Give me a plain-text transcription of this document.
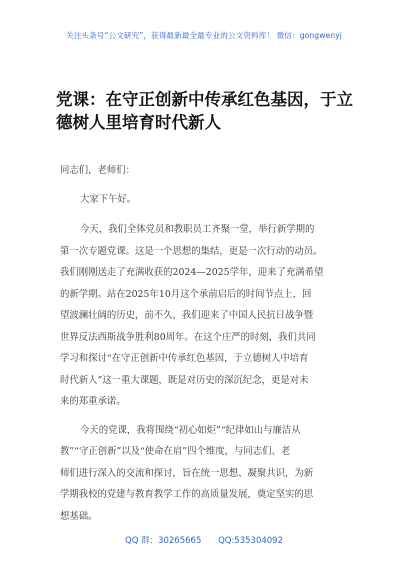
关注头条号“公文研究”，获得最新最全最专业的公文资料库！ 微信：gongwenyj
党课：在守正创新中传承红色基因，于立
德树人里培育时代新人

同志们，老师们：

大家下午好。

今天，我们全体党员和教职员工齐聚一堂，举行新学期的
第一次专题党课。这是一个思想的集结，更是一次行动的动员。
我们刚刚送走了充满收获的2024—2025学年，迎来了充满希望
的新学期。站在2025年10月这个承前启后的时间节点上，回
望波澜壮阔的历史，前不久，我们迎来了中国人民抗日战争暨
世界反法西斯战争胜利80周年。在这个庄严的时刻，我们共同
学习和探讨“在守正创新中传承红色基因，于立德树人中培育
时代新人”这一重大课题，既是对历史的深沉纪念，更是对未
来的郑重承诺。

今天的党课，我将围绕“初心如炬”“纪律如山与廉洁从
教”“守正创新”以及“使命在肩”四个维度，与同志们、老
师们进行深入的交流和探讨，旨在统一思想、凝聚共识，为新
学期我校的党建与教育教学工作的高质量发展，奠定坚实的思
想基础。

QQ 群：30265665 QQ:535304092
